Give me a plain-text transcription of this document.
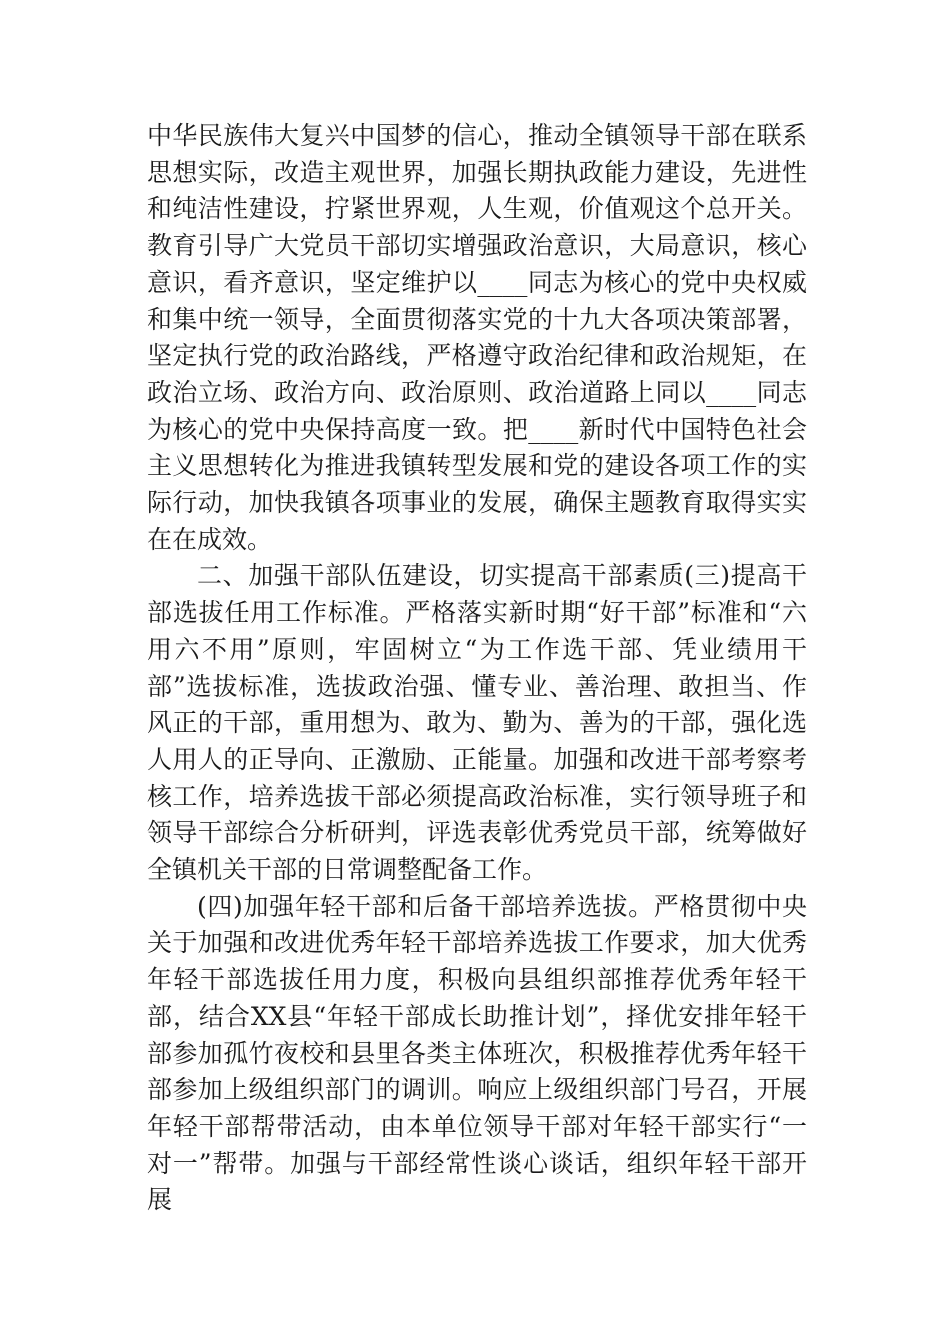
中华民族伟大复兴中国梦的信心，推动全镇领导干部在联系思想实际，改造主观世界，加强长期执政能力建设，先进性和纯洁性建设，拧紧世界观，人生观，价值观这个总开关。教育引导广大党员干部切实增强政治意识，大局意识，核心意识，看齐意识，坚定维护以____同志为核心的党中央权威和集中统一领导，全面贯彻落实党的十九大各项决策部署，坚定执行党的政治路线，严格遵守政治纪律和政治规矩，在政治立场、政治方向、政治原则、政治道路上同以____同志为核心的党中央保持高度一致。把____新时代中国特色社会主义思想转化为推进我镇转型发展和党的建设各项工作的实际行动，加快我镇各项事业的发展，确保主题教育取得实实在在成效。

二、加强干部队伍建设，切实提高干部素质(三)提高干部选拔任用工作标准。严格落实新时期“好干部”标准和“六用六不用”原则，牢固树立“为工作选干部、凭业绩用干部”选拔标准，选拔政治强、懂专业、善治理、敢担当、作风正的干部，重用想为、敢为、勤为、善为的干部，强化选人用人的正导向、正激励、正能量。加强和改进干部考察考核工作，培养选拔干部必须提高政治标准，实行领导班子和领导干部综合分析研判，评选表彰优秀党员干部，统筹做好全镇机关干部的日常调整配备工作。

(四)加强年轻干部和后备干部培养选拔。严格贯彻中央关于加强和改进优秀年轻干部培养选拔工作要求，加大优秀年轻干部选拔任用力度，积极向县组织部推荐优秀年轻干部，结合XX县“年轻干部成长助推计划”，择优安排年轻干部参加孤竹夜校和县里各类主体班次，积极推荐优秀年轻干部参加上级组织部门的调训。响应上级组织部门号召，开展年轻干部帮带活动，由本单位领导干部对年轻干部实行“一对一”帮带。加强与干部经常性谈心谈话，组织年轻干部开展
